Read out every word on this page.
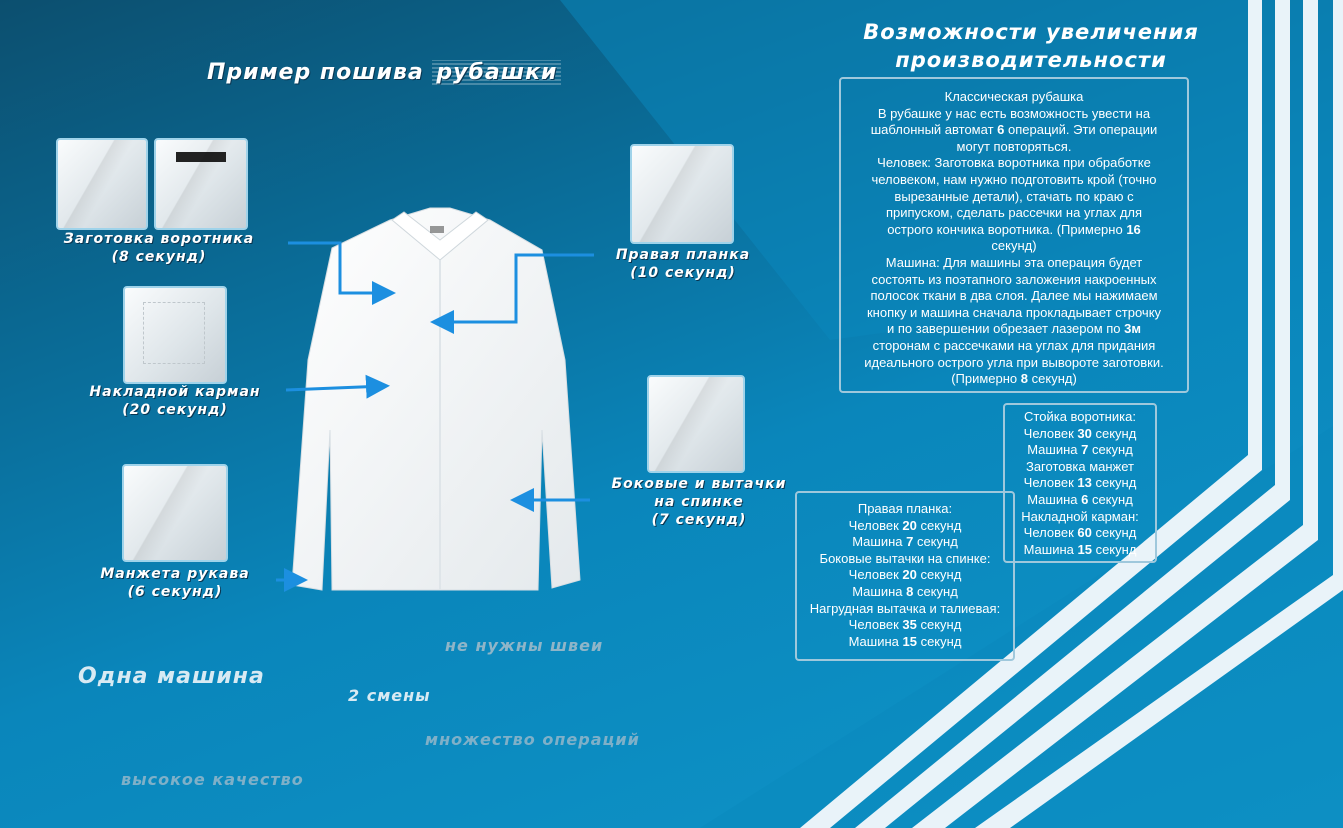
Пример пошива рубашки
Возможности увеличения производительности
Заготовка воротника
(8 секунд)
Накладной карман
(20 секунд)
Манжета рукава
(6 секунд)
Правая планка
(10 секунд)
Боковые и вытачки
на спинке
(7 секунд)
Классическая рубашка
В рубашке у нас есть возможность увести на
шаблонный автомат 6 операций. Эти операции
могут повторяться.
Человек: Заготовка воротника при обработке
человеком, нам нужно подготовить крой (точно
вырезанные детали), стачать по краю с
припуском, сделать рассечки на углах для
острого кончика воротника. (Примерно 16
секунд)
Машина: Для машины эта операция будет
состоять из поэтапного заложения накроенных
полосок ткани в два слоя. Далее мы нажимаем
кнопку и машина сначала прокладывает строчку
и по завершении обрезает лазером по 3м
сторонам с рассечками на углах для придания
идеального острого угла при вывороте заготовки.
(Примерно 8 секунд)
Стойка воротника:
Человек 30 секунд
Машина 7 секунд
Заготовка манжет
Человек 13 секунд
Машина 6 секунд
Накладной карман:
Человек 60 секунд
Машина 15 секунд
Правая планка:
Человек 20 секунд
Машина 7 секунд
Боковые вытачки на спинке:
Человек 20 секунд
Машина 8 секунд
Нагрудная вытачка и талиевая:
Человек 35 секунд
Машина 15 секунд
не нужны швеи
Одна машина
2 смены
множество операций
высокое качество
